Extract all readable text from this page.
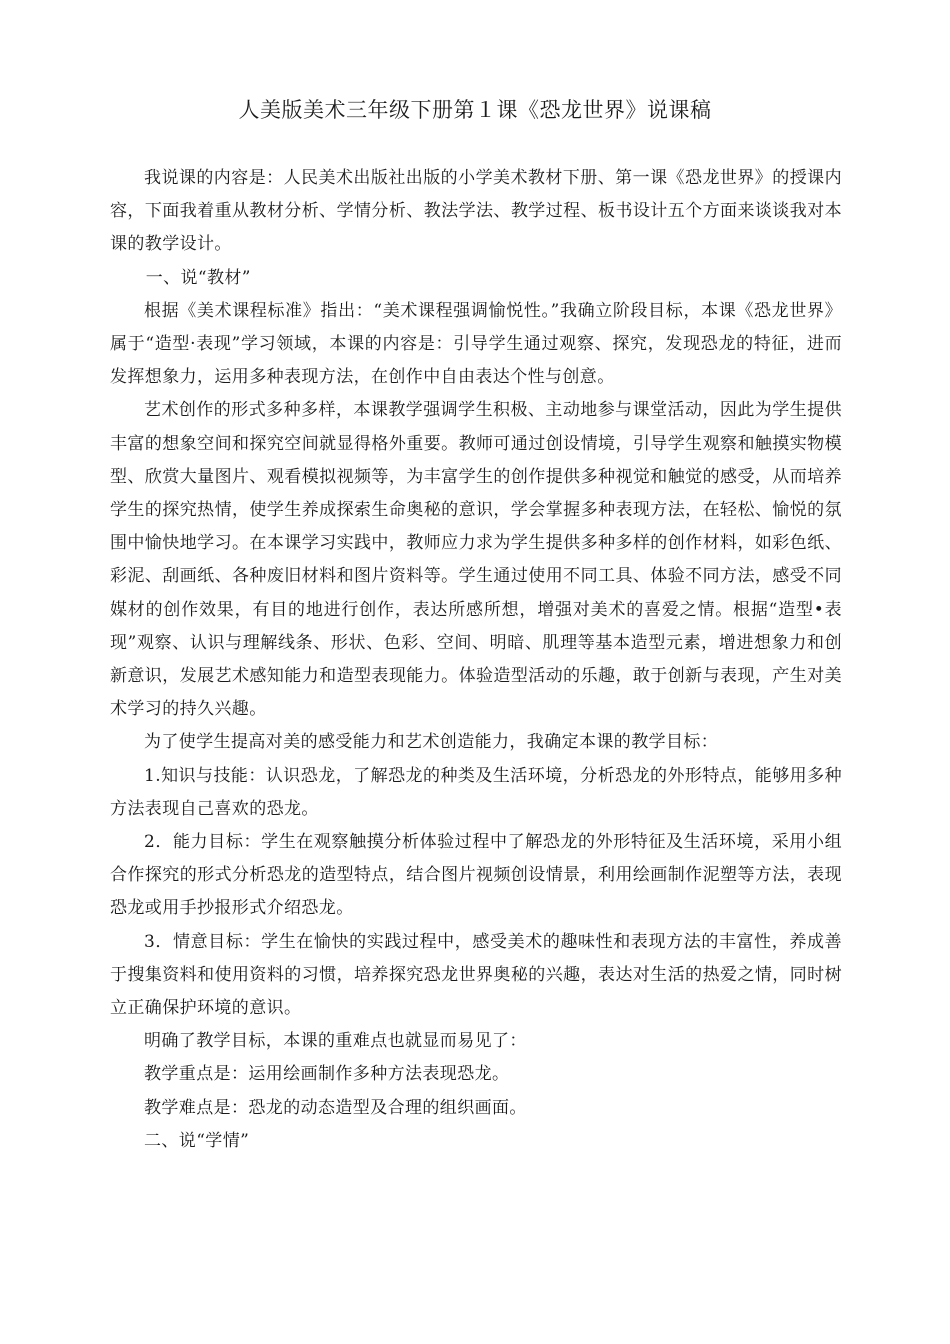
人美版美术三年级下册第１课《恐龙世界》说课稿

我说课的内容是：人民美术出版社出版的小学美术教材下册、第一课《恐龙世界》的授课内容，下面我着重从教材分析、学情分析、教法学法、教学过程、板书设计五个方面来谈谈我对本课的教学设计。

一、说“教材”

根据《美术课程标准》指出：“美术课程强调愉悦性。”我确立阶段目标，本课《恐龙世界》属于“造型·表现”学习领域，本课的内容是：引导学生通过观察、探究，发现恐龙的特征，进而发挥想象力，运用多种表现方法，在创作中自由表达个性与创意。

艺术创作的形式多种多样，本课教学强调学生积极、主动地参与课堂活动，因此为学生提供丰富的想象空间和探究空间就显得格外重要。教师可通过创设情境，引导学生观察和触摸实物模型、欣赏大量图片、观看模拟视频等，为丰富学生的创作提供多种视觉和触觉的感受，从而培养学生的探究热情，使学生养成探索生命奥秘的意识，学会掌握多种表现方法，在轻松、愉悦的氛围中愉快地学习。在本课学习实践中，教师应力求为学生提供多种多样的创作材料，如彩色纸、彩泥、刮画纸、各种废旧材料和图片资料等。学生通过使用不同工具、体验不同方法，感受不同媒材的创作效果，有目的地进行创作，表达所感所想，增强对美术的喜爱之情。根据“造型•表现”观察、认识与理解线条、形状、色彩、空间、明暗、肌理等基本造型元素，增进想象力和创新意识，发展艺术感知能力和造型表现能力。体验造型活动的乐趣，敢于创新与表现，产生对美术学习的持久兴趣。

为了使学生提高对美的感受能力和艺术创造能力，我确定本课的教学目标：

1.知识与技能：认识恐龙，了解恐龙的种类及生活环境，分析恐龙的外形特点，能够用多种方法表现自己喜欢的恐龙。

2．能力目标：学生在观察触摸分析体验过程中了解恐龙的外形特征及生活环境，采用小组合作探究的形式分析恐龙的造型特点，结合图片视频创设情景，利用绘画制作泥塑等方法，表现恐龙或用手抄报形式介绍恐龙。

3．情意目标：学生在愉快的实践过程中，感受美术的趣味性和表现方法的丰富性，养成善于搜集资料和使用资料的习惯，培养探究恐龙世界奥秘的兴趣，表达对生活的热爱之情，同时树立正确保护环境的意识。

明确了教学目标，本课的重难点也就显而易见了：

教学重点是：运用绘画制作多种方法表现恐龙。

教学难点是：恐龙的动态造型及合理的组织画面。

二、说“学情”
